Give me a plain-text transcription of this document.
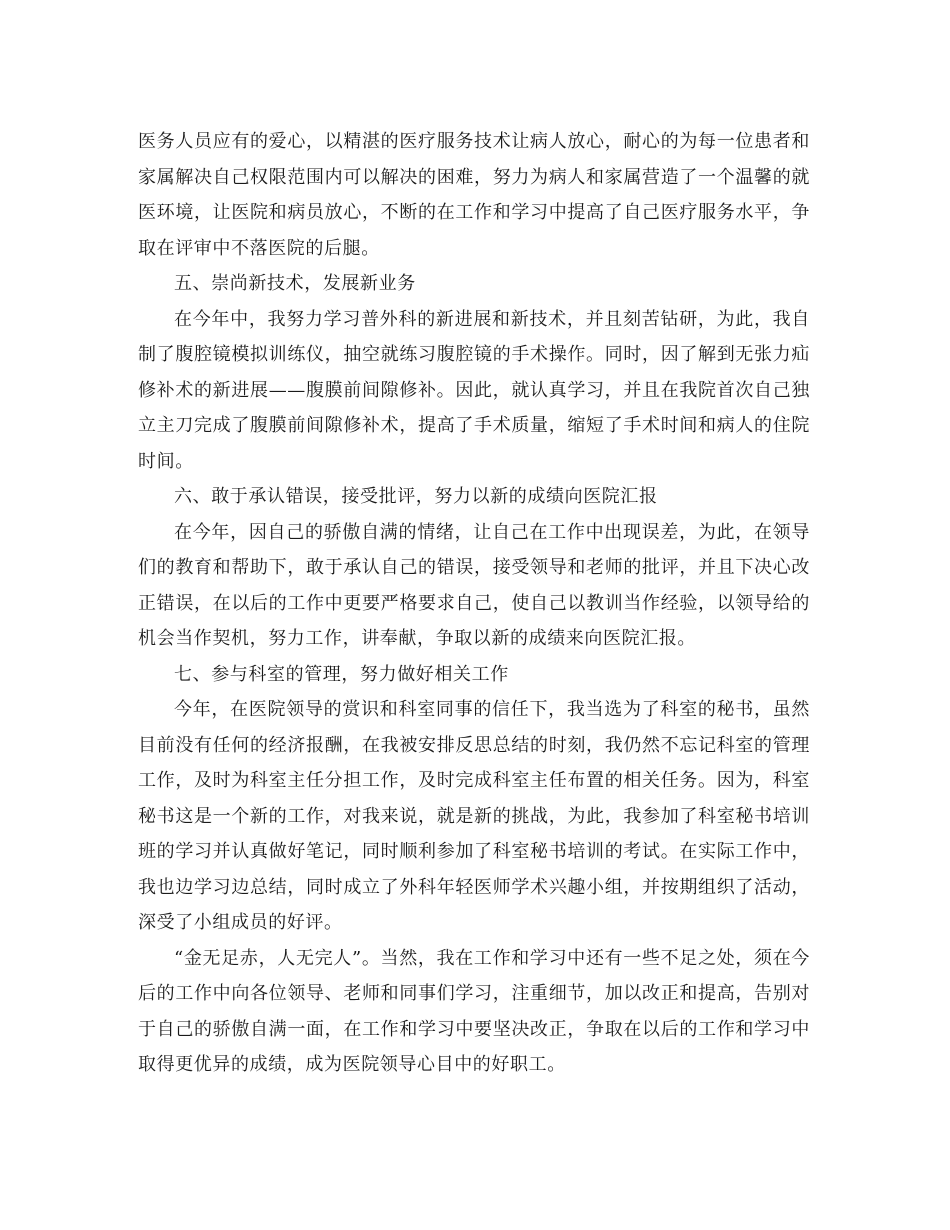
医务人员应有的爱心，以精湛的医疗服务技术让病人放心，耐心的为每一位患者和家属解决自己权限范围内可以解决的困难，努力为病人和家属营造了一个温馨的就医环境，让医院和病员放心，不断的在工作和学习中提高了自己医疗服务水平，争取在评审中不落医院的后腿。

五、崇尚新技术，发展新业务

在今年中，我努力学习普外科的新进展和新技术，并且刻苦钻研，为此，我自制了腹腔镜模拟训练仪，抽空就练习腹腔镜的手术操作。同时，因了解到无张力疝修补术的新进展——腹膜前间隙修补。因此，就认真学习，并且在我院首次自己独立主刀完成了腹膜前间隙修补术，提高了手术质量，缩短了手术时间和病人的住院时间。

六、敢于承认错误，接受批评，努力以新的成绩向医院汇报

在今年，因自己的骄傲自满的情绪，让自己在工作中出现误差，为此，在领导们的教育和帮助下，敢于承认自己的错误，接受领导和老师的批评，并且下决心改正错误，在以后的工作中更要严格要求自己，使自己以教训当作经验，以领导给的机会当作契机，努力工作，讲奉献，争取以新的成绩来向医院汇报。

七、参与科室的管理，努力做好相关工作

今年，在医院领导的赏识和科室同事的信任下，我当选为了科室的秘书，虽然目前没有任何的经济报酬，在我被安排反思总结的时刻，我仍然不忘记科室的管理工作，及时为科室主任分担工作，及时完成科室主任布置的相关任务。因为，科室秘书这是一个新的工作，对我来说，就是新的挑战，为此，我参加了科室秘书培训班的学习并认真做好笔记，同时顺利参加了科室秘书培训的考试。在实际工作中，我也边学习边总结，同时成立了外科年轻医师学术兴趣小组，并按期组织了活动，深受了小组成员的好评。

“金无足赤，人无完人”。当然，我在工作和学习中还有一些不足之处，须在今后的工作中向各位领导、老师和同事们学习，注重细节，加以改正和提高，告别对于自己的骄傲自满一面，在工作和学习中要坚决改正，争取在以后的工作和学习中取得更优异的成绩，成为医院领导心目中的好职工。
